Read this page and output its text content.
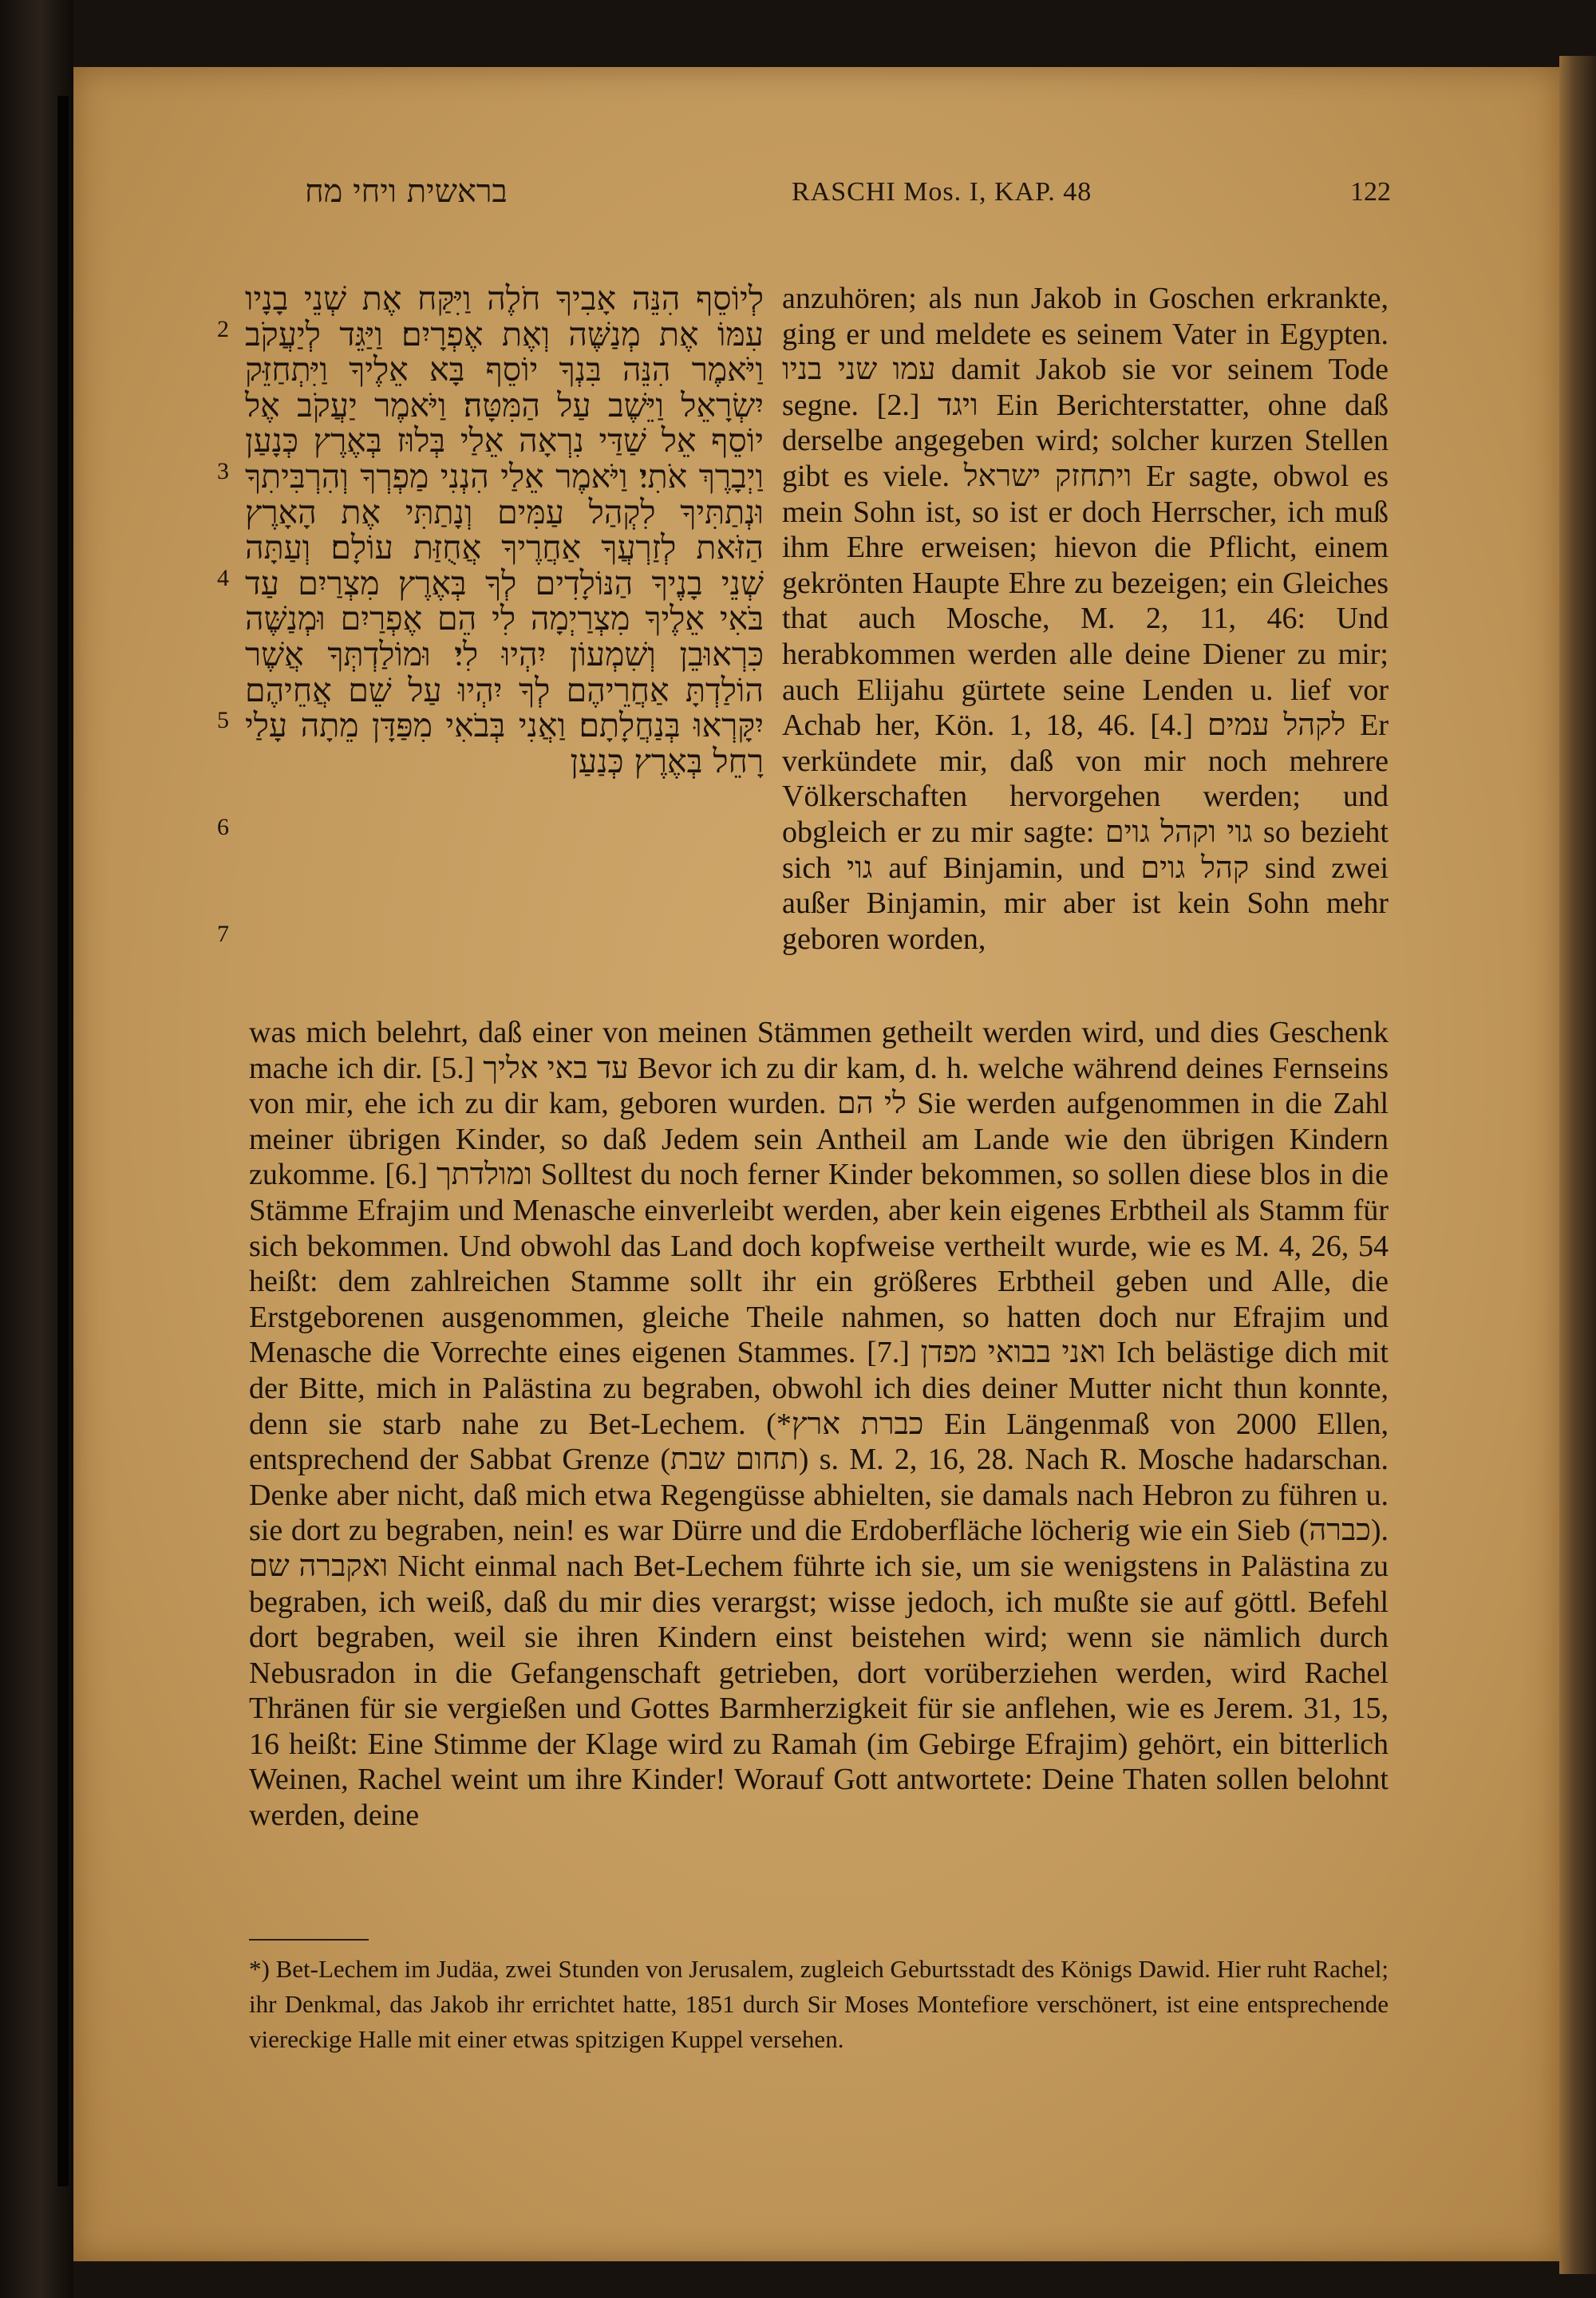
בראשית ויחי מח	RASCHI Mos. I, KAP. 48	122
2
3
4
5
6
7
לְיוֹסֵף הִנֵּה אָבִיךָ חֹלֶה וַיִּקַּח אֶת שְׁנֵי בָנָיו עִמּוֹ אֶת מְנַשֶּׁה וְאֶת אֶפְרָיִם׃ וַיַּגֵּד לְיַעֲקֹב וַיֹּאמֶר הִנֵּה בִּנְךָ יוֹסֵף בָּא אֵלֶיךָ וַיִּתְחַזֵּק יִשְׂרָאֵל וַיֵּשֶׁב עַל הַמִּטָּה׃ וַיֹּאמֶר יַעֲקֹב אֶל יוֹסֵף אֵל שַׁדַּי נִרְאָה אֵלַי בְּלוּז בְּאֶרֶץ כְּנָעַן וַיְבָרֶךְ אֹתִי׃ וַיֹּאמֶר אֵלַי הִנְנִי מַפְרְךָ וְהִרְבִּיתִךָ וּנְתַתִּיךָ לִקְהַל עַמִּים וְנָתַתִּי אֶת הָאָרֶץ הַזֹּאת לְזַרְעֲךָ אַחֲרֶיךָ אֲחֻזַּת עוֹלָם׃ וְעַתָּה שְׁנֵי בָנֶיךָ הַנּוֹלָדִים לְךָ בְּאֶרֶץ מִצְרַיִם עַד בֹּאִי אֵלֶיךָ מִצְרַיְמָה לִי הֵם אֶפְרַיִם וּמְנַשֶּׁה כִּרְאוּבֵן וְשִׁמְעוֹן יִהְיוּ לִי׃ וּמוֹלַדְתְּךָ אֲשֶׁר הוֹלַדְתָּ אַחֲרֵיהֶם לְךָ יִהְיוּ עַל שֵׁם אֲחֵיהֶם יִקָּרְאוּ בְּנַחֲלָתָם׃ וַאֲנִי בְּבֹאִי מִפַּדָּן מֵתָה עָלַי רָחֵל בְּאֶרֶץ כְּנַעַן
anzuhören; als nun Jakob in Goschen erkrankte, ging er und meldete es seinem Vater in Egypten. עמו שני בניו damit Jakob sie vor seinem Tode segne. [2.] ויגד Ein Berichterstatter, ohne daß derselbe angegeben wird; solcher kurzen Stellen gibt es viele. ויתחזק ישראל Er sagte, obwol es mein Sohn ist, so ist er doch Herrscher, ich muß ihm Ehre erweisen; hievon die Pflicht, einem gekrönten Haupte Ehre zu bezeigen; ein Gleiches that auch Mosche, M. 2, 11, 46: Und herabkommen werden alle deine Diener zu mir; auch Elijahu gürtete seine Lenden u. lief vor Achab her, Kön. 1, 18, 46. [4.] לקהל עמים Er verkündete mir, daß von mir noch mehrere Völkerschaften hervorgehen werden; und obgleich er zu mir sagte: גוי וקהל גוים so bezieht sich גוי auf Binjamin, und קהל גוים sind zwei außer Binjamin, mir aber ist kein Sohn mehr geboren worden,
was mich belehrt, daß einer von meinen Stämmen getheilt werden wird, und dies Geschenk mache ich dir. [5.] עד באי אליך Bevor ich zu dir kam, d. h. welche während deines Fernseins von mir, ehe ich zu dir kam, geboren wurden. לי הם Sie werden aufgenommen in die Zahl meiner übrigen Kinder, so daß Jedem sein Antheil am Lande wie den übrigen Kindern zukomme. [6.] ומולדתך Solltest du noch ferner Kinder bekommen, so sollen diese blos in die Stämme Efrajim und Menasche einverleibt werden, aber kein eigenes Erbtheil als Stamm für sich bekommen. Und obwohl das Land doch kopfweise vertheilt wurde, wie es M. 4, 26, 54 heißt: dem zahlreichen Stamme sollt ihr ein größeres Erbtheil geben und Alle, die Erstgeborenen ausgenommen, gleiche Theile nahmen, so hatten doch nur Efrajim und Menasche die Vorrechte eines eigenen Stammes. [7.] ואני בבואי מפדן Ich belästige dich mit der Bitte, mich in Palästina zu begraben, obwohl ich dies deiner Mutter nicht thun konnte, denn sie starb nahe zu Bet-Lechem. (*כברת ארץ Ein Längenmaß von 2000 Ellen, entsprechend der Sabbat Grenze (תחום שבת) s. M. 2, 16, 28. Nach R. Mosche hadarschan. Denke aber nicht, daß mich etwa Regengüsse abhielten, sie damals nach Hebron zu führen u. sie dort zu begraben, nein! es war Dürre und die Erdoberfläche löcherig wie ein Sieb (כברה). ואקברה שם Nicht einmal nach Bet-Lechem führte ich sie, um sie wenigstens in Palästina zu begraben, ich weiß, daß du mir dies verargst; wisse jedoch, ich mußte sie auf göttl. Befehl dort begraben, weil sie ihren Kindern einst beistehen wird; wenn sie nämlich durch Nebusradon in die Gefangenschaft getrieben, dort vorüberziehen werden, wird Rachel Thränen für sie vergießen und Gottes Barmherzigkeit für sie anflehen, wie es Jerem. 31, 15, 16 heißt: Eine Stimme der Klage wird zu Ramah (im Gebirge Efrajim) gehört, ein bitterlich Weinen, Rachel weint um ihre Kinder! Worauf Gott antwortete: Deine Thaten sollen belohnt werden, deine
*) Bet-Lechem im Judäa, zwei Stunden von Jerusalem, zugleich Geburtsstadt des Königs Dawid. Hier ruht Rachel; ihr Denkmal, das Jakob ihr errichtet hatte, 1851 durch Sir Moses Montefiore verschönert, ist eine entsprechende viereckige Halle mit einer etwas spitzigen Kuppel versehen.
